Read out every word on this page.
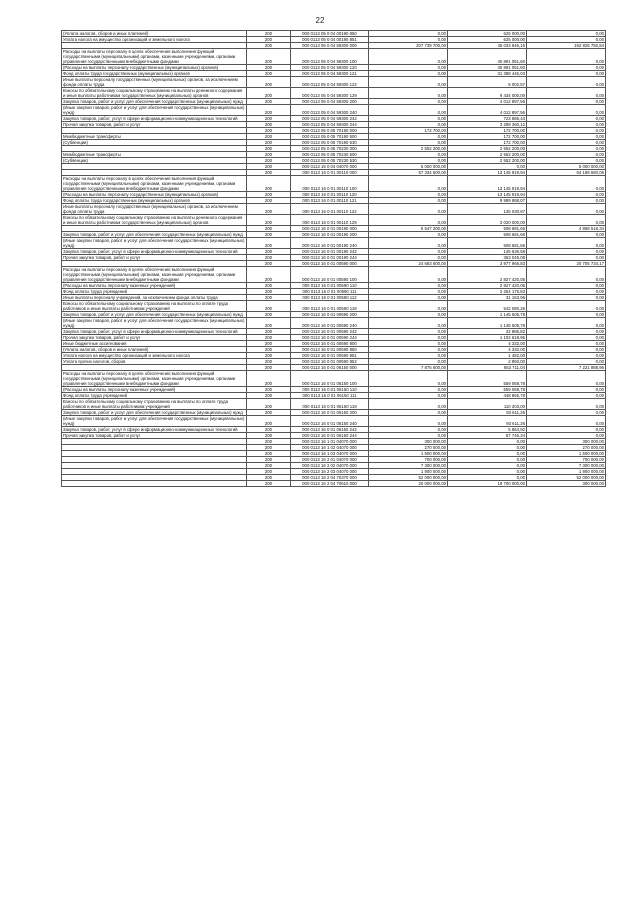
22
(Уплата налогов, сборов и иных платежей)	200	000 0113 05 0 04 00190 850	0,00	625 000,00	0,00
Уплата налога на имущество организаций и земельного налога	200	000 0113 05 0 04 00190 851	0,00	625 000,00	0,00
	200	000 0113 05 0 04 59300 000	207 739 700,00	45 033 946,15	162 825 750,84
Расходы на выплаты персоналу в целях обеспечения выполнения функций государственными (муниципальными) органами, казенными учреждениями, органами управления государственными внебюджетными фондами	200	000 0113 05 0 04 59300 100	0,00	40 891 051,60	0,00
(Расходы на выплаты персоналу государственных (муниципальных) органов)	200	000 0113 05 0 04 59300 120	0,00	40 891 051,60	0,00
Фонд оплаты труда государственных (муниципальных) органов	200	000 0113 05 0 04 59300 121	0,00	31 388 446,03	0,00
Иные выплаты персоналу государственных (муниципальных) органов, за исключением фонда оплаты труда	200	000 0113 05 0 04 59300 122	0,00	5 002,57	0,00
Взносы по обязательному социальному страхованию на выплаты денежного содержания и иные выплаты работникам государственных (муниципальных) органов	200	000 0113 05 0 04 59300 129	0,00	9 434 000,00	0,00
Закупка товаров, работ и услуг для обеспечения государственных (муниципальных) нужд	200	000 0113 05 0 04 59300 200	0,00	4 012 897,56	0,00
(Иные закупки товаров, работ и услуг для обеспечения государственных (муниципальных) нужд)	200	000 0113 05 0 04 59300 240	0,00	4 012 897,56	0,00
Закупка товаров, работ, услуг в сфере информационно-коммуникационных технологий	200	000 0113 05 0 04 59300 242	0,00	723 886,43	0,00
Прочая закупка товаров, работ и услуг	200	000 0113 05 0 04 59300 244	0,00	3 289 360,12	0,00
	200	000 0113 05 0 05 70190 000	172 700,00	172 700,00	0,00
Межбюджетные трансферты	200	000 0113 05 0 05 70190 500	0,00	172 700,00	0,00
(Субвенции)	200	000 0113 05 0 05 70190 530	0,00	172 700,00	0,00
	200	000 0113 05 0 05 70230 000	2 552 200,00	2 552 200,00	0,00
Межбюджетные трансферты	200	000 0113 05 0 05 70230 500	0,00	2 552 200,00	0,00
(Субвенции)	200	000 0113 05 0 05 70230 530	0,00	2 552 200,00	0,00
	200	000 0113 15 0 04 04070 000	5 000 000,00	0,00	5 000 000,00
	200	000 0113 16 0 01 00110 000	67 334 600,00	13 145 919,94	54 188 680,06
Расходы на выплаты персоналу в целях обеспечения выполнения функций государственными (муниципальными) органами, казенными учреждениями, органами управления государственными внебюджетными фондами	200	000 0113 16 0 01 00110 100	0,00	13 145 919,94	0,00
(Расходы на выплаты персоналу государственных (муниципальных) органов)	200	000 0113 16 0 01 00110 120	0,00	13 145 919,94	0,00
Фонд оплаты труда государственных (муниципальных) органов	200	000 0113 16 0 01 00110 121	0,00	9 989 888,07	0,00
Иные выплаты персоналу государственных (муниципальных) органов, за исключением фонда оплаты труда	200	000 0113 16 0 01 00110 122	0,00	135 030,87	0,00
Взносы по обязательному социальному страхованию на выплаты денежного содержания и иные выплаты работникам государственных (муниципальных) органов	200	000 0113 16 0 01 00110 129	0,00	3 020 000,00	0,00
	200	000 0113 16 0 01 00190 000	5 547 200,00	508 681,66	4 858 518,34
Закупка товаров, работ и услуг для обеспечения государственных (муниципальных) нужд	200	000 0113 16 0 01 00190 200	0,00	508 681,66	0,00
(Иные закупки товаров, работ и услуг для обеспечения государственных (муниципальных) нужд)	200	000 0113 16 0 01 00190 240	0,00	508 681,66	0,00
Закупка товаров, работ, услуг в сфере информационно-коммуникационных технологий	200	000 0113 16 0 01 00190 242	0,00	145 636,58	0,00
Прочая закупка товаров, работ и услуг	200	000 0113 16 0 01 00190 244	0,00	363 045,08	0,00
	200	000 0113 16 0 01 00590 000	24 683 600,00	3 977 965,83	20 705 734,17
Расходы на выплаты персоналу в целях обеспечения выполнения функций государственными (муниципальными) органами, казенными учреждениями, органами управления государственными внебюджетными фондами	200	000 0113 16 0 01 00590 100	0,00	2 827 420,05	0,00
(Расходы на выплаты персоналу казенных учреждений)	200	000 0113 16 0 01 00590 110	0,00	2 827 420,05	0,00
Фонд оплаты труда учреждений	200	000 0113 16 0 01 00590 111	0,00	2 254 175,83	0,00
Иные выплаты персоналу учреждений, за исключением фонда оплаты труда	200	000 0113 16 0 01 00590 112	0,00	31 163,96	0,00
Взносы по обязательному социальному страхованию на выплаты по оплате труда работников и иные выплаты работникам учреждений	200	000 0113 16 0 01 00590 119	0,00	542 080,26	0,00
Закупка товаров, работ и услуг для обеспечения государственных (муниципальных) нужд	200	000 0113 16 0 01 00590 200	0,00	1 145 505,78	0,00
(Иные закупки товаров, работ и услуг для обеспечения государственных (муниципальных) нужд)	200	000 0113 16 0 01 00590 240	0,00	1 145 505,78	0,00
Закупка товаров, работ, услуг в сфере информационно-коммуникационных технологий	200	000 0113 16 0 01 00590 242	0,00	42 886,82	0,00
Прочая закупка товаров, работ и услуг	200	000 0113 16 0 01 00590 244	0,00	1 102 618,96	0,00
Иные бюджетные ассигнования	200	000 0113 16 0 01 00590 800	0,00	4 332,00	0,00
(Уплата налогов, сборов и иных платежей)	200	000 0113 16 0 01 00590 850	0,00	4 332,00	0,00
Уплата налога на имущество организаций и земельного налога	200	000 0113 16 0 01 00590 851	0,00	1 482,00	0,00
Уплата прочих налогов, сборов	200	000 0113 16 0 01 00590 852	0,00	2 850,00	0,00
	200	000 0113 16 0 01 06150 000	7 875 600,00	653 711,04	7 221 888,96
Расходы на выплаты персоналу в целях обеспечения выполнения функций государственными (муниципальными) органами, казенными учреждениями, органами управления государственными внебюджетными фондами	200	000 0113 16 0 01 06150 100	0,00	559 068,78	0,00
(Расходы на выплаты персоналу казенных учреждений)	200	000 0113 16 0 01 06150 110	0,00	559 068,78	0,00
Фонд оплаты труда учреждений	200	000 0113 16 0 01 06150 111	0,00	448 865,78	0,00
Взносы по обязательному социальному страхованию на выплаты по оплате труда работников и иные выплаты работникам учреждений	200	000 0113 16 0 01 06150 119	0,00	110 203,00	0,00
Закупка товаров, работ и услуг для обеспечения государственных (муниципальных) нужд	200	000 0113 16 0 01 06150 200	0,00	93 611,26	0,00
(Иные закупки товаров, работ и услуг для обеспечения государственных (муниципальных) нужд)	200	000 0113 16 0 01 06150 240	0,00	93 611,26	0,00
Закупка товаров, работ, услуг в сфере информационно-коммуникационных технологий	200	000 0113 16 0 01 06150 242	0,00	5 864,92	0,00
Прочая закупка товаров, работ и услуг	200	000 0113 16 0 01 06150 244	0,00	87 746,34	0,00
	200	000 0113 16 1 01 04070 000	300 000,00	0,00	300 000,00
	200	000 0113 16 1 02 04070 000	270 000,00	0,00	270 000,00
	200	000 0113 16 1 03 04070 000	1 500 000,00	0,00	1 500 000,00
	200	000 0113 16 2 01 04070 000	700 000,00	0,00	700 000,00
	200	000 0113 16 2 02 04070 000	7 300 000,00	0,00	7 300 000,00
	200	000 0113 16 2 03 04070 000	1 900 000,00	0,00	1 900 000,00
	200	000 0113 16 2 04 70370 000	52 000 000,00	0,00	52 000 000,00
	200	000 0113 16 2 04 70610 000	20 000 000,00	19 700 000,00	300 000,00
